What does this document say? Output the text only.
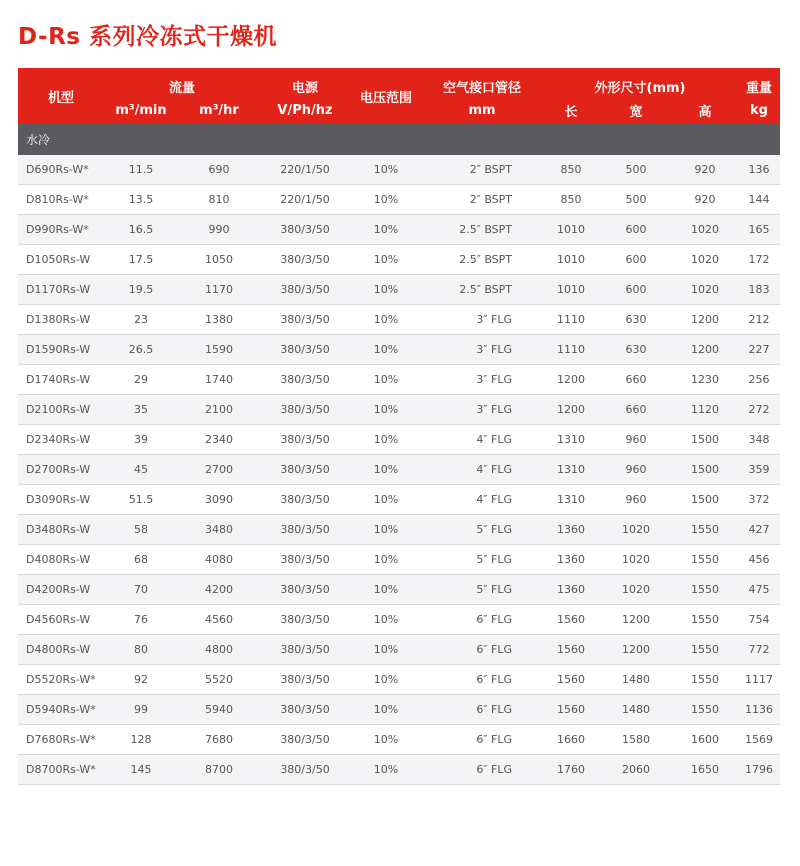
D-Rs 系列冷冻式干燥机
机型	流量		电源	电压范围	空气接口管径	外形尺寸(mm)			重量
	m³/min	m³/hr	V/Ph/hz		mm	长	宽	高	kg
水冷									
D690Rs-W*	11.5	690	220/1/50	10%	2″ BSPT	850	500	920	136
D810Rs-W*	13.5	810	220/1/50	10%	2″ BSPT	850	500	920	144
D990Rs-W*	16.5	990	380/3/50	10%	2.5″ BSPT	1010	600	1020	165
D1050Rs-W	17.5	1050	380/3/50	10%	2.5″ BSPT	1010	600	1020	172
D1170Rs-W	19.5	1170	380/3/50	10%	2.5″ BSPT	1010	600	1020	183
D1380Rs-W	23	1380	380/3/50	10%	3″ FLG	1110	630	1200	212
D1590Rs-W	26.5	1590	380/3/50	10%	3″ FLG	1110	630	1200	227
D1740Rs-W	29	1740	380/3/50	10%	3″ FLG	1200	660	1230	256
D2100Rs-W	35	2100	380/3/50	10%	3″ FLG	1200	660	1120	272
D2340Rs-W	39	2340	380/3/50	10%	4″ FLG	1310	960	1500	348
D2700Rs-W	45	2700	380/3/50	10%	4″ FLG	1310	960	1500	359
D3090Rs-W	51.5	3090	380/3/50	10%	4″ FLG	1310	960	1500	372
D3480Rs-W	58	3480	380/3/50	10%	5″ FLG	1360	1020	1550	427
D4080Rs-W	68	4080	380/3/50	10%	5″ FLG	1360	1020	1550	456
D4200Rs-W	70	4200	380/3/50	10%	5″ FLG	1360	1020	1550	475
D4560Rs-W	76	4560	380/3/50	10%	6″ FLG	1560	1200	1550	754
D4800Rs-W	80	4800	380/3/50	10%	6″ FLG	1560	1200	1550	772
D5520Rs-W*	92	5520	380/3/50	10%	6″ FLG	1560	1480	1550	1117
D5940Rs-W*	99	5940	380/3/50	10%	6″ FLG	1560	1480	1550	1136
D7680Rs-W*	128	7680	380/3/50	10%	6″ FLG	1660	1580	1600	1569
D8700Rs-W*	145	8700	380/3/50	10%	6″ FLG	1760	2060	1650	1796
